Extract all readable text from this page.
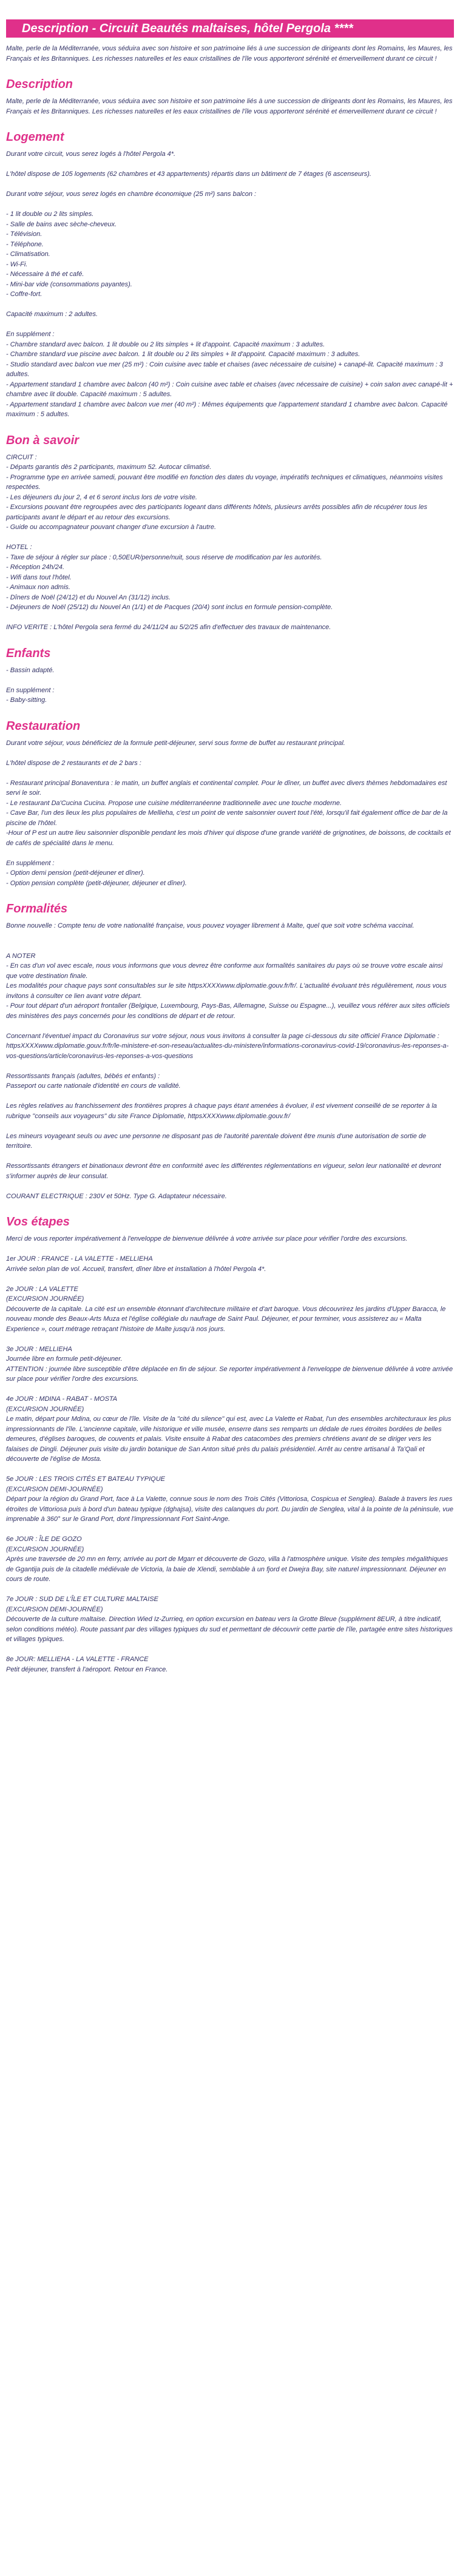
Description - Circuit Beautés maltaises, hôtel Pergola ****

Malte, perle de la Méditerranée, vous séduira avec son histoire et son patrimoine liés à une succession de dirigeants dont les Romains, les Maures, les Français et les Britanniques. Les richesses naturelles et les eaux cristallines de l'île vous apporteront sérénité et émerveillement durant ce circuit !

Description

Malte, perle de la Méditerranée, vous séduira avec son histoire et son patrimoine liés à une succession de dirigeants dont les Romains, les Maures, les Français et les Britanniques. Les richesses naturelles et les eaux cristallines de l'île vous apporteront sérénité et émerveillement durant ce circuit !

Logement

Durant votre circuit, vous serez logés à l'hôtel Pergola 4*.

L'hôtel dispose de 105 logements (62 chambres et 43 appartements) répartis dans un bâtiment de 7 étages (6 ascenseurs).

Durant votre séjour, vous serez logés en chambre économique (25 m²) sans balcon :

- 1 lit double ou 2 lits simples.

- Salle de bains avec sèche-cheveux.

- Télévision.

- Téléphone.

- Climatisation.

- Wi-Fi.

- Nécessaire à thé et café.

- Mini-bar vide (consommations payantes).

- Coffre-fort.

Capacité maximum : 2 adultes.

En supplément :

- Chambre standard avec balcon. 1 lit double ou 2 lits simples + lit d'appoint. Capacité maximum : 3 adultes.

- Chambre standard vue piscine avec balcon. 1 lit double ou 2 lits simples + lit d'appoint. Capacité maximum : 3 adultes.

- Studio standard avec balcon vue mer (25 m²) : Coin cuisine avec table et chaises (avec nécessaire de cuisine) + canapé-lit. Capacité maximum : 3 adultes.

- Appartement standard 1 chambre avec balcon (40 m²) : Coin cuisine avec table et chaises (avec nécessaire de cuisine) + coin salon avec canapé-lit + chambre avec lit double. Capacité maximum : 5 adultes.

- Appartement standard 1 chambre avec balcon vue mer (40 m²) : Mêmes équipements que l'appartement standard 1 chambre avec balcon. Capacité maximum : 5 adultes.

Bon à savoir

CIRCUIT :

- Départs garantis dès 2 participants, maximum 52. Autocar climatisé.

- Programme type en arrivée samedi, pouvant être modifié en fonction des dates du voyage, impératifs techniques et climatiques, néanmoins visites respectées.

- Les déjeuners du jour 2, 4 et 6 seront inclus lors de votre visite.

- Excursions pouvant être regroupées avec des participants logeant dans différents hôtels, plusieurs arrêts possibles afin de récupérer tous les participants avant le départ et au retour des excursions.

- Guide ou accompagnateur pouvant changer d'une excursion à l'autre.

HOTEL :

- Taxe de séjour à régler sur place : 0,50EUR/personne/nuit, sous réserve de modification par les autorités.

- Réception 24h/24.

- Wifi dans tout l'hôtel.

- Animaux non admis.

- Dîners de Noël (24/12) et du Nouvel An (31/12) inclus.

- Déjeuners de Noël (25/12) du Nouvel An (1/1) et de Pacques (20/4) sont inclus en formule pension-complète.

INFO VERITE : L'hôtel Pergola sera fermé du 24/11/24 au 5/2/25 afin d'effectuer des travaux de maintenance.

Enfants

- Bassin adapté.

En supplément :

- Baby-sitting.

Restauration

Durant votre séjour, vous bénéficiez de la formule petit-déjeuner, servi sous forme de buffet au restaurant principal.

L'hôtel dispose de 2 restaurants et de 2 bars :

- Restaurant principal Bonaventura : le matin, un buffet anglais et continental complet. Pour le dîner, un buffet avec divers thèmes hebdomadaires est servi le soir.

- Le restaurant Da'Cucina Cucina. Propose une cuisine méditerranéenne traditionnelle avec une touche moderne.

- Cave Bar, l'un des lieux les plus populaires de Mellieha, c'est un point de vente saisonnier ouvert tout l'été, lorsqu'il fait également office de bar de la piscine de l'hôtel.

-Hour of P est un autre lieu saisonnier disponible pendant les mois d'hiver qui dispose d'une grande variété de grignotines, de boissons, de cocktails et de cafés de spécialité dans le menu.

En supplément :

- Option demi pension (petit-déjeuner et dîner).

- Option pension complète (petit-déjeuner, déjeuner et dîner).

Formalités

Bonne nouvelle : Compte tenu de votre nationalité française, vous pouvez voyager librement à Malte, quel que soit votre schéma vaccinal.

A NOTER

- En cas d'un vol avec escale, nous vous informons que vous devrez être conforme aux formalités sanitaires du pays où se trouve votre escale ainsi que votre destination finale.

Les modalités pour chaque pays sont consultables sur le site httpsXXXXwww.diplomatie.gouv.fr/fr/. L'actualité évoluant très régulièrement, nous vous invitons à consulter ce lien avant votre départ.

- Pour tout départ d'un aéroport frontalier (Belgique, Luxembourg, Pays-Bas, Allemagne, Suisse ou Espagne...), veuillez vous référer aux sites officiels des ministères des pays concernés pour les conditions de départ et de retour.

Concernant l'éventuel impact du Coronavirus sur votre séjour, nous vous invitons à consulter la page ci-dessous du site officiel France Diplomatie :

httpsXXXXwww.diplomatie.gouv.fr/fr/le-ministere-et-son-reseau/actualites-du-ministere/informations-coronavirus-covid-19/coronavirus-les-reponses-a-vos-questions/article/coronavirus-les-reponses-a-vos-questions

Ressortissants français (adultes, bébés et enfants) :

Passeport ou carte nationale d'identité en cours de validité.

Les règles relatives au franchissement des frontières propres à chaque pays étant amenées à évoluer, il est vivement conseillé de se reporter à la rubrique "conseils aux voyageurs" du site France Diplomatie, httpsXXXXwww.diplomatie.gouv.fr/

Les mineurs voyageant seuls ou avec une personne ne disposant pas de l'autorité parentale doivent être munis d'une autorisation de sortie de territoire.

Ressortissants étrangers et binationaux devront être en conformité avec les différentes réglementations en vigueur, selon leur nationalité et devront s'informer auprès de leur consulat.

COURANT ELECTRIQUE : 230V et 50Hz. Type G. Adaptateur nécessaire.

Vos étapes

Merci de vous reporter impérativement à l'enveloppe de bienvenue délivrée à votre arrivée sur place pour vérifier l'ordre des excursions.

1er JOUR : FRANCE - LA VALETTE - MELLIEHA

Arrivée selon plan de vol. Accueil, transfert, dîner libre et installation à l'hôtel Pergola 4*.

2e JOUR : LA VALETTE

(EXCURSION JOURNÉE)

Découverte de la capitale. La cité est un ensemble étonnant d'architecture militaire et d'art baroque. Vous découvrirez les jardins d'Upper Baracca, le nouveau monde des Beaux-Arts Muza et l'église collégiale du naufrage de Saint Paul. Déjeuner, et pour terminer, vous assisterez au « Malta Experience », court métrage retraçant l'histoire de Malte jusqu'à nos jours.

3e JOUR : MELLIEHA

Journée libre en formule petit-déjeuner.

ATTENTION : journée libre susceptible d'être déplacée en fin de séjour. Se reporter impérativement à l'enveloppe de bienvenue délivrée à votre arrivée sur place pour vérifier l'ordre des excursions.

4e JOUR : MDINA - RABAT - MOSTA

(EXCURSION JOURNÉE)

Le matin, départ pour Mdina, ou cœur de l'île. Visite de la "cité du silence" qui est, avec La Valette et Rabat, l'un des ensembles architecturaux les plus impressionnants de l'île. L'ancienne capitale, ville historique et ville musée, enserre dans ses remparts un dédale de rues étroites bordées de belles demeures, d'églises baroques, de couvents et palais. Visite ensuite à Rabat des catacombes des premiers chrétiens avant de se diriger vers les falaises de Dingli. Déjeuner puis visite du jardin botanique de San Anton situé près du palais présidentiel. Arrêt au centre artisanal à Ta'Qali et découverte de l'église de Mosta.

5e JOUR : LES TROIS CITÉS ET BATEAU TYPIQUE

(EXCURSION DEMI-JOURNÉE)

Départ pour la région du Grand Port, face à La Valette, connue sous le nom des Trois Cités (Vittoriosa, Cospicua et Senglea). Balade à travers les rues étroites de Vittoriosa puis à bord d'un bateau typique (dghajsa), visite des calanques du port. Du jardin de Senglea, vital à la pointe de la péninsule, vue imprenable à 360° sur le Grand Port, dont l'impressionnant Fort Saint-Ange.

6e JOUR : ÎLE DE GOZO

(EXCURSION JOURNÉE)

Après une traversée de 20 mn en ferry, arrivée au port de Mgarr et découverte de Gozo, villa à l'atmosphère unique. Visite des temples mégalithiques de Ggantija puis de la citadelle médiévale de Victoria, la baie de Xlendi, semblable à un fjord et Dwejra Bay, site naturel impressionnant. Déjeuner en cours de route.

7e JOUR : SUD DE L'ÎLE ET CULTURE MALTAISE

(EXCURSION DEMI-JOURNÉE)

Découverte de la culture maltaise. Direction Wied Iz-Zurrieq, en option excursion en bateau vers la Grotte Bleue (supplément 8EUR, à titre indicatif, selon conditions météo). Route passant par des villages typiques du sud et permettant de découvrir cette partie de l'île, partagée entre sites historiques et villages typiques.

8e JOUR: MELLIEHA - LA VALETTE - FRANCE

Petit déjeuner, transfert à l'aéroport. Retour en France.
